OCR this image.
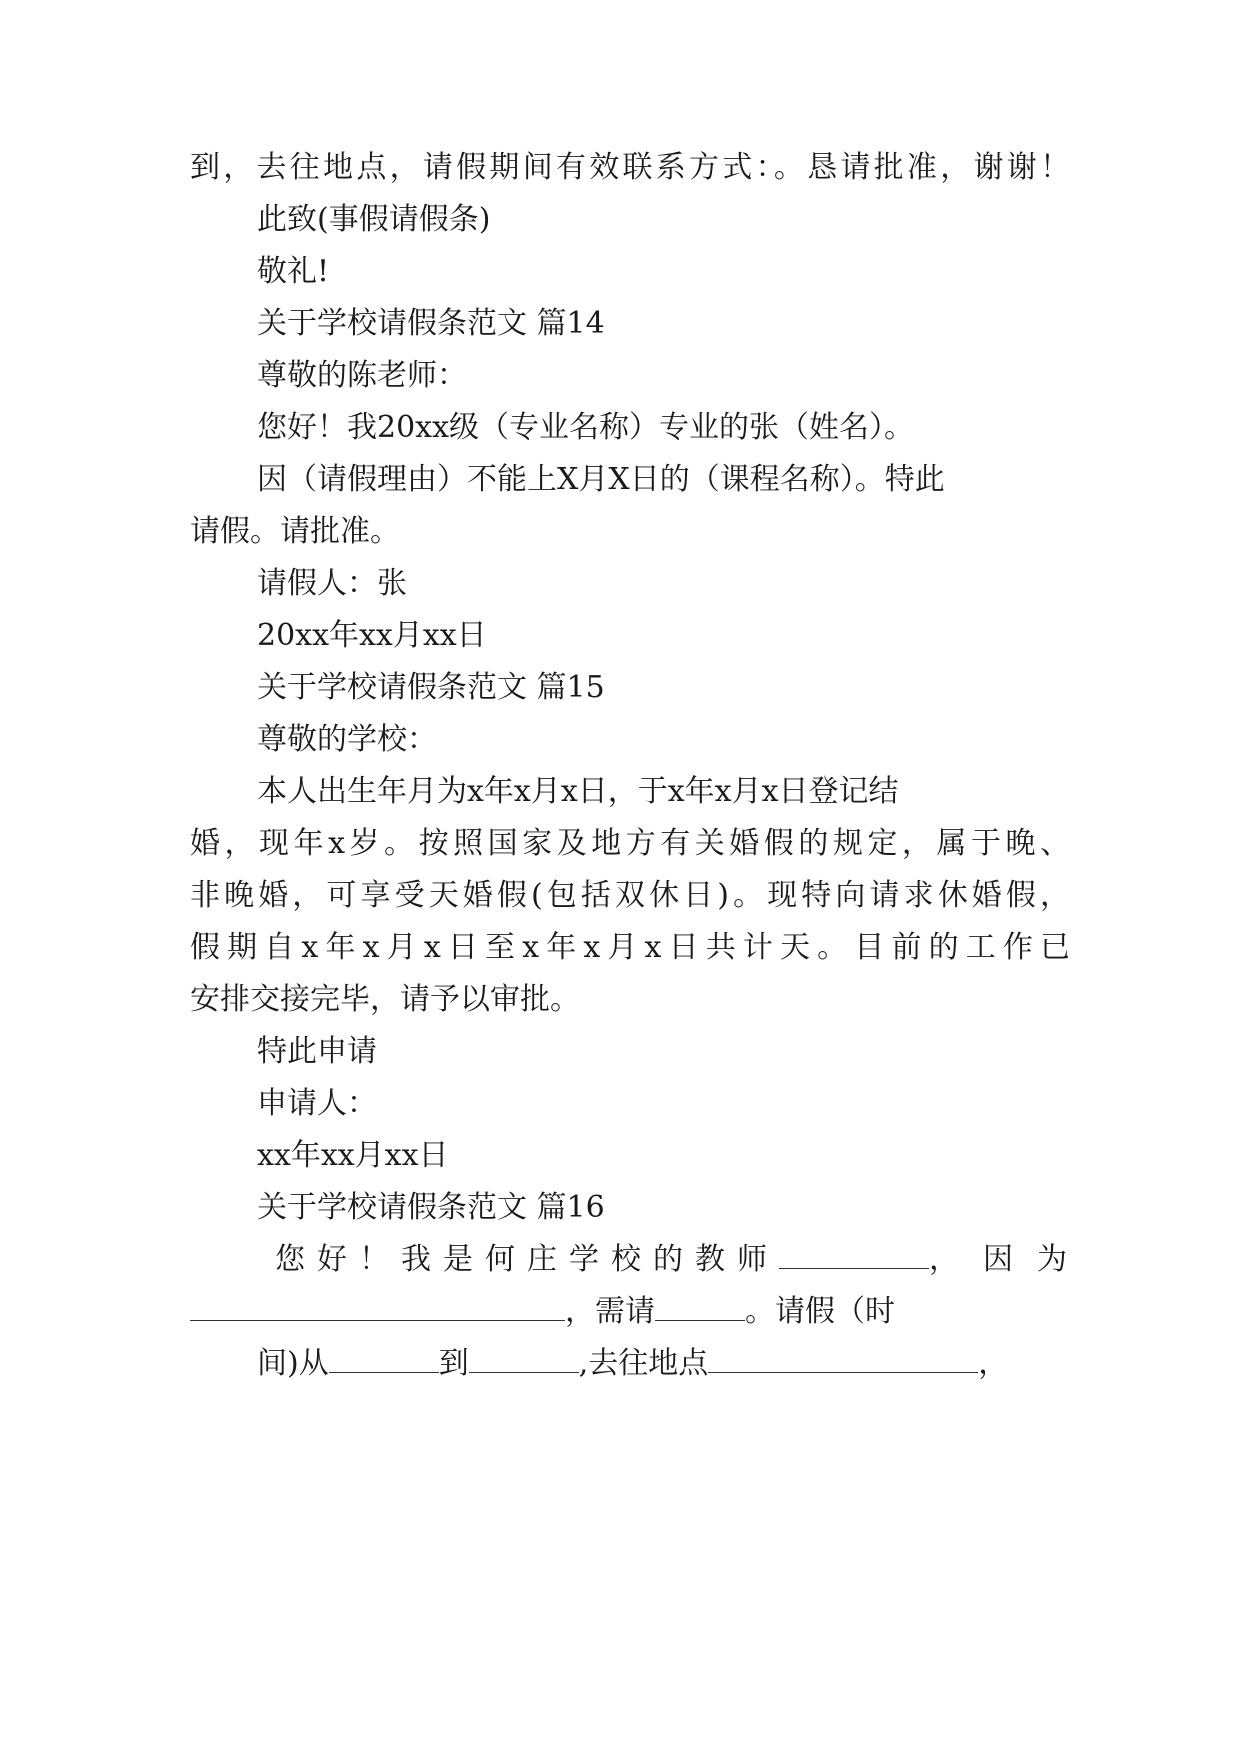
到，去往地点，请假期间有效联系方式：。恳请批准，谢谢！
此致(事假请假条)
敬礼!
关于学校请假条范文 篇14
尊敬的陈老师：
您好！我20xx级（专业名称）专业的张（姓名）。
因（请假理由）不能上X月X日的（课程名称）。特此
请假。请批准。
请假人：张
20xx年xx月xx日
关于学校请假条范文 篇15
尊敬的学校：
本人出生年月为x年x月x日，于x年x月x日登记结
婚，现年x岁。按照国家及地方有关婚假的规定，属于晚、
非晚婚，可享受天婚假(包括双休日)。现特向请求休婚假，
假期自x年x月x日至x年x月x日共计天。目前的工作已
安排交接完毕，请予以审批。
特此申请
申请人：
xx年xx月xx日
关于学校请假条范文 篇16
您好！我是何庄学校的教师	，因为
，需请	。请假（时
间)从	到	,去往地点	，
